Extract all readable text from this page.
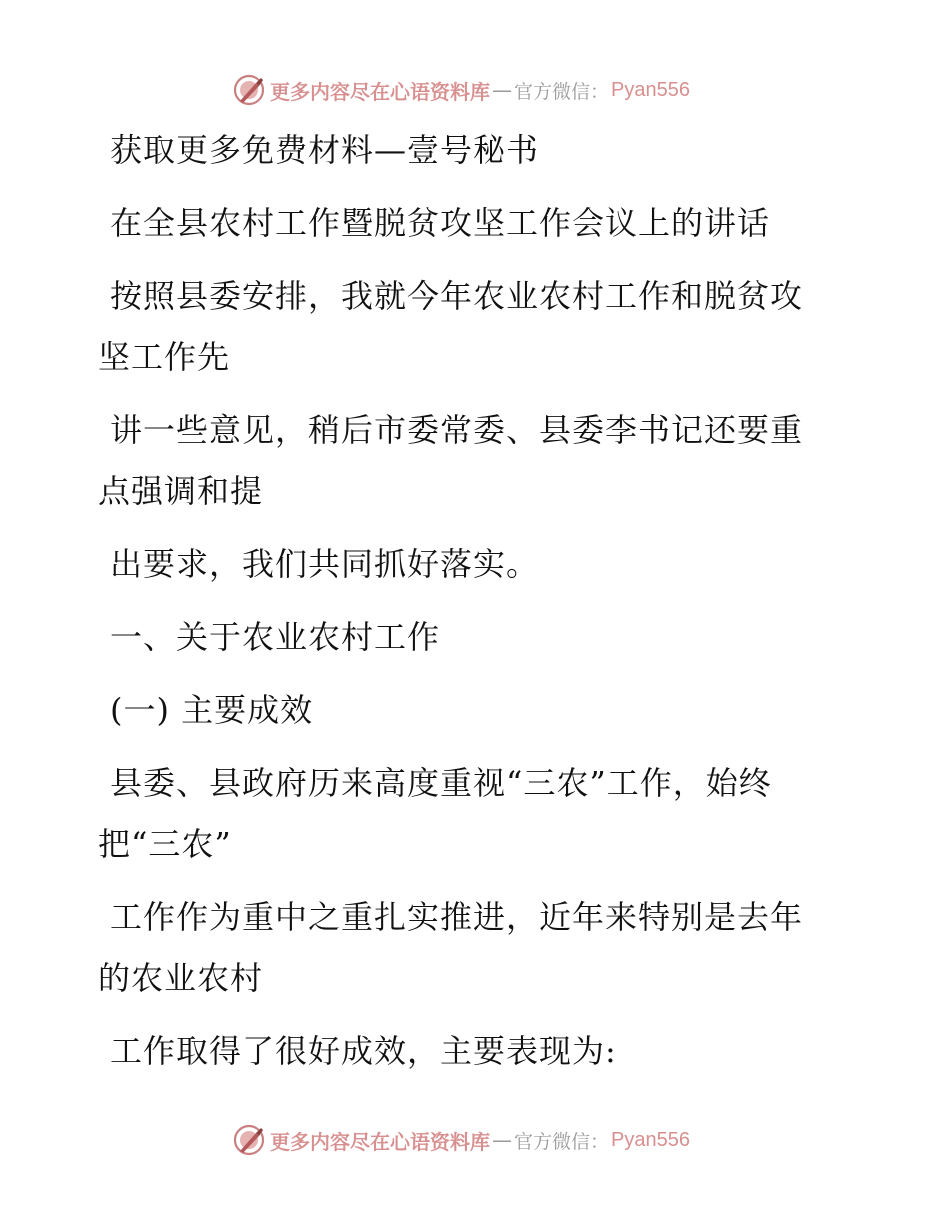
更多内容尽在心语资料库 — 官方微信： Pyan556

获取更多免费材料—壹号秘书

在全县农村工作暨脱贫攻坚工作会议上的讲话

按照县委安排，我就今年农业农村工作和脱贫攻

坚工作先

讲一些意见，稍后市委常委、县委李书记还要重

点强调和提

出要求，我们共同抓好落实。

一、关于农业农村工作

(一) 主要成效

县委、县政府历来高度重视“三农”工作，始终

把“三农”

工作作为重中之重扎实推进，近年来特别是去年

的农业农村

工作取得了很好成效，主要表现为:

更多内容尽在心语资料库 — 官方微信： Pyan556
